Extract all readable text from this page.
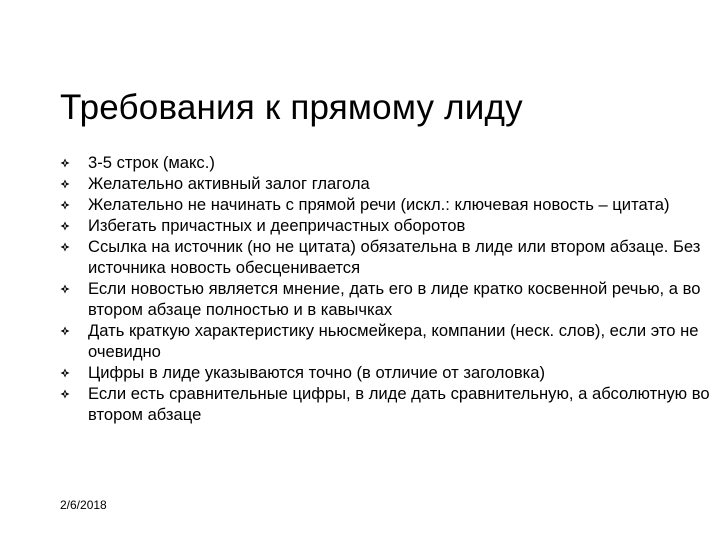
Требования к прямому лиду
3-5 строк (макс.)
Желательно активный залог глагола
Желательно не начинать с прямой речи (искл.: ключевая новость – цитата)
Избегать причастных и деепричастных оборотов
Ссылка на источник (но не цитата) обязательна в лиде или втором абзаце. Без источника новость обесценивается
Если новостью является мнение, дать его в лиде кратко косвенной речью, а во втором абзаце полностью и в кавычках
Дать краткую характеристику ньюсмейкера, компании (неск. слов), если это не очевидно
Цифры в лиде указываются точно (в отличие от заголовка)
Если есть сравнительные цифры, в лиде дать сравнительную, а абсолютную во втором абзаце
2/6/2018
